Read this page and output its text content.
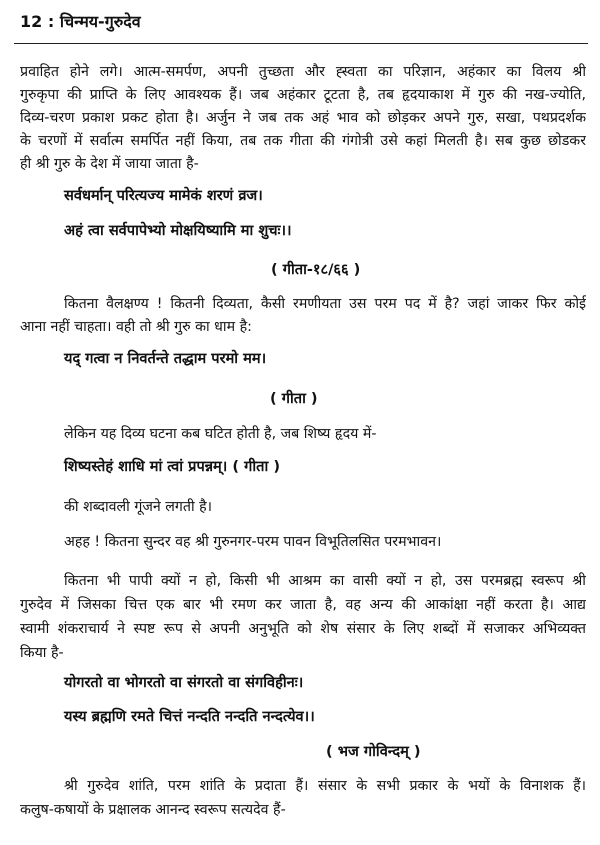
12 : चिन्मय-गुरुदेव
प्रवाहित होने लगे। आत्म-समर्पण, अपनी तुच्छता और ह्स्वता का परिज्ञान, अहंकार का विलय श्री
गुरुकृपा की प्राप्ति के लिए आवश्यक हैं। जब अहंकार टूटता है, तब हृदयाकाश में गुरु की नख-ज्योति,
दिव्य-चरण प्रकाश प्रकट होता है। अर्जुन ने जब तक अहं भाव को छोड़कर अपने गुरु, सखा, पथप्रदर्शक
के चरणों में सर्वात्म समर्पित नहीं किया, तब तक गीता की गंगोत्री उसे कहां मिलती है। सब कुछ छोडकर
ही श्री गुरु के देश में जाया जाता है-
सर्वधर्मान् परित्यज्य मामेकं शरणं व्रज।
अहं त्वा सर्वपापेभ्यो मोक्षयिष्यामि मा शुचः।।
( गीता-१८/६६ )
कितना वैलक्षण्य ! कितनी दिव्यता, कैसी रमणीयता उस परम पद में है? जहां जाकर फिर कोई
आना नहीं चाहता। वही तो श्री गुरु का धाम है:
यद् गत्वा न निवर्तन्ते तद्धाम परमो मम।
( गीता )
लेकिन यह दिव्य घटना कब घटित होती है, जब शिष्य हृदय में-
शिष्यस्तेहं शाधि मां त्वां प्रपन्नम्। ( गीता )
की शब्दावली गूंजने लगती है।
अहह ! कितना सुन्दर वह श्री गुरुनगर-परम पावन विभूतिलसित परमभावन।
कितना भी पापी क्यों न हो, किसी भी आश्रम का वासी क्यों न हो, उस परमब्रह्म स्वरूप श्री
गुरुदेव में जिसका चित्त एक बार भी रमण कर जाता है, वह अन्य की आकांक्षा नहीं करता है। आद्य
स्वामी शंकराचार्य ने स्पष्ट रूप से अपनी अनुभूति को शेष संसार के लिए शब्दों में सजाकर अभिव्यक्त
किया है-
योगरतो वा भोगरतो वा संगरतो वा संगविहीनः।
यस्य ब्रह्मणि रमते चित्तं नन्दति नन्दति नन्दत्येव।।
( भज गोविन्दम् )
श्री गुरुदेव शांति, परम शांति के प्रदाता हैं। संसार के सभी प्रकार के भयों के विनाशक हैं।
कलुष-कषायों के प्रक्षालक आनन्द स्वरूप सत्यदेव हैं-
